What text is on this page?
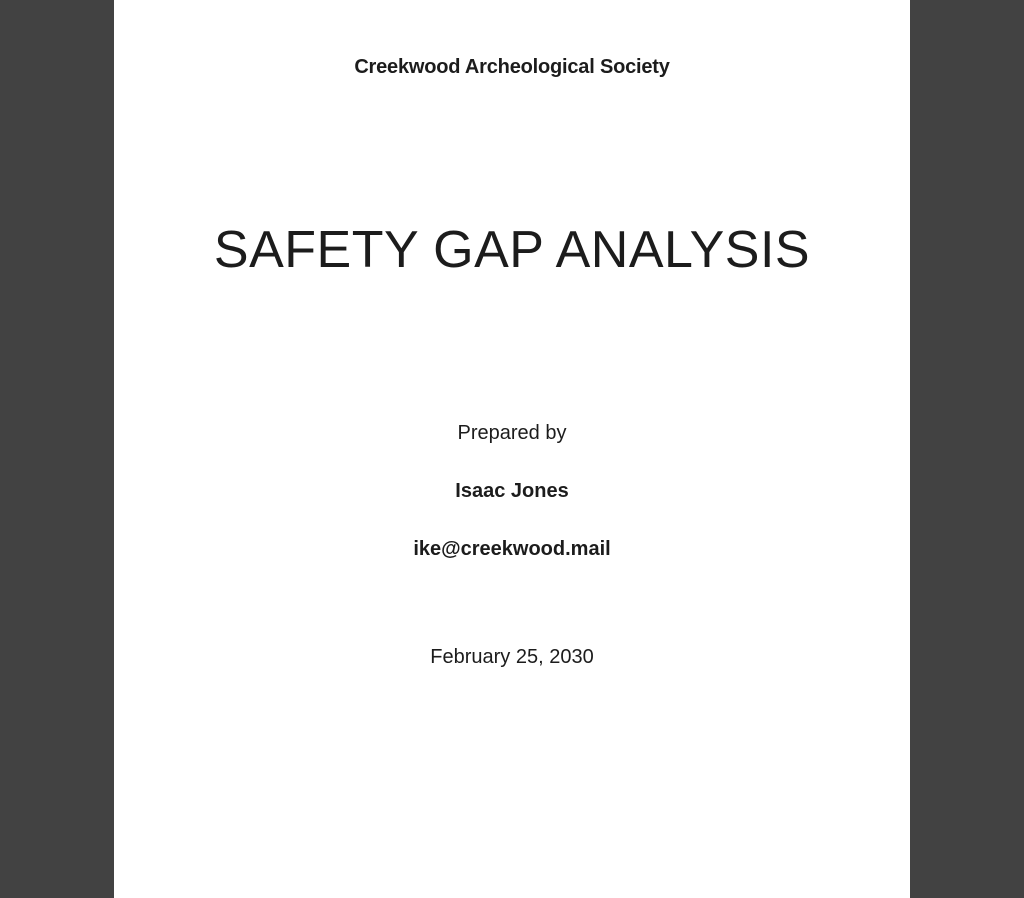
Creekwood Archeological Society
SAFETY GAP ANALYSIS
Prepared by
Isaac Jones
ike@creekwood.mail
February 25, 2030
